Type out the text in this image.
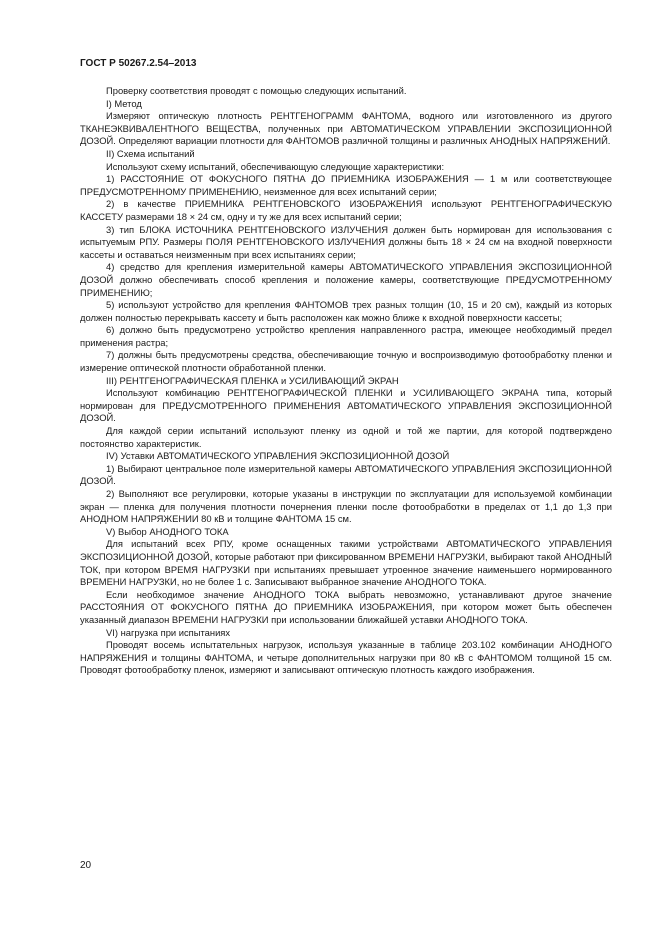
ГОСТ Р 50267.2.54–2013

Проверку соответствия проводят с помощью следующих испытаний.

I) Метод

Измеряют оптическую плотность РЕНТГЕНОГРАММ ФАНТОМА, водного или изготовленного из другого ТКАНЕЭКВИВАЛЕНТНОГО ВЕЩЕСТВА, полученных при АВТОМАТИЧЕСКОМ УПРАВЛЕНИИ ЭКСПОЗИЦИОННОЙ ДОЗОЙ. Определяют вариации плотности для ФАНТОМОВ различной толщины и различных АНОДНЫХ НАПРЯЖЕНИЙ.

II) Схема испытаний

Используют схему испытаний, обеспечивающую следующие характеристики:

1) РАССТОЯНИЕ ОТ ФОКУСНОГО ПЯТНА ДО ПРИЕМНИКА ИЗОБРАЖЕНИЯ — 1 м или соответствующее ПРЕДУСМОТРЕННОМУ ПРИМЕНЕНИЮ, неизменное для всех испытаний серии;

2) в качестве ПРИЕМНИКА РЕНТГЕНОВСКОГО ИЗОБРАЖЕНИЯ используют РЕНТГЕНОГРАФИЧЕСКУЮ КАССЕТУ размерами 18 × 24 см, одну и ту же для всех испытаний серии;

3) тип БЛОКА ИСТОЧНИКА РЕНТГЕНОВСКОГО ИЗЛУЧЕНИЯ должен быть нормирован для использования с испытуемым РПУ. Размеры ПОЛЯ РЕНТГЕНОВСКОГО ИЗЛУЧЕНИЯ должны быть 18 × 24 см на входной поверхности кассеты и оставаться неизменным при всех испытаниях серии;

4) средство для крепления измерительной камеры АВТОМАТИЧЕСКОГО УПРАВЛЕНИЯ ЭКСПОЗИЦИОННОЙ ДОЗОЙ должно обеспечивать способ крепления и положение камеры, соответствующие ПРЕДУСМОТРЕННОМУ ПРИМЕНЕНИЮ;

5) используют устройство для крепления ФАНТОМОВ трех разных толщин (10, 15 и 20 см), каждый из которых должен полностью перекрывать кассету и быть расположен как можно ближе к входной поверхности кассеты;

6) должно быть предусмотрено устройство крепления направленного растра, имеющее необходимый предел применения растра;

7) должны быть предусмотрены средства, обеспечивающие точную и воспроизводимую фотообработку пленки и измерение оптической плотности обработанной пленки.

III) РЕНТГЕНОГРАФИЧЕСКАЯ ПЛЕНКА и УСИЛИВАЮЩИЙ ЭКРАН

Используют комбинацию РЕНТГЕНОГРАФИЧЕСКОЙ ПЛЕНКИ и УСИЛИВАЮЩЕГО ЭКРАНА типа, который нормирован для ПРЕДУСМОТРЕННОГО ПРИМЕНЕНИЯ АВТОМАТИЧЕСКОГО УПРАВЛЕНИЯ ЭКСПОЗИЦИОННОЙ ДОЗОЙ.

Для каждой серии испытаний используют пленку из одной и той же партии, для которой подтверждено постоянство характеристик.

IV) Уставки АВТОМАТИЧЕСКОГО УПРАВЛЕНИЯ ЭКСПОЗИЦИОННОЙ ДОЗОЙ

1) Выбирают центральное поле измерительной камеры АВТОМАТИЧЕСКОГО УПРАВЛЕНИЯ ЭКСПОЗИЦИОННОЙ ДОЗОЙ.

2) Выполняют все регулировки, которые указаны в инструкции по эксплуатации для используемой комбинации экран — пленка для получения плотности почернения пленки после фотообработки в пределах от 1,1 до 1,3 при АНОДНОМ НАПРЯЖЕНИИ 80 кВ и толщине ФАНТОМА 15 см.

V) Выбор АНОДНОГО ТОКА

Для испытаний всех РПУ, кроме оснащенных такими устройствами АВТОМАТИЧЕСКОГО УПРАВЛЕНИЯ ЭКСПОЗИЦИОННОЙ ДОЗОЙ, которые работают при фиксированном ВРЕМЕНИ НАГРУЗКИ, выбирают такой АНОДНЫЙ ТОК, при котором ВРЕМЯ НАГРУЗКИ при испытаниях превышает утроенное значение наименьшего нормированного ВРЕМЕНИ НАГРУЗКИ, но не более 1 с. Записывают выбранное значение АНОДНОГО ТОКА.

Если необходимое значение АНОДНОГО ТОКА выбрать невозможно, устанавливают другое значение РАССТОЯНИЯ ОТ ФОКУСНОГО ПЯТНА ДО ПРИЕМНИКА ИЗОБРАЖЕНИЯ, при котором может быть обеспечен указанный диапазон ВРЕМЕНИ НАГРУЗКИ при использовании ближайшей уставки АНОДНОГО ТОКА.

VI) нагрузка при испытаниях

Проводят восемь испытательных нагрузок, используя указанные в таблице 203.102 комбинации АНОДНОГО НАПРЯЖЕНИЯ и толщины ФАНТОМА, и четыре дополнительных нагрузки при 80 кВ с ФАНТОМОМ толщиной 15 см. Проводят фотообработку пленок, измеряют и записывают оптическую плотность каждого изображения.

20
